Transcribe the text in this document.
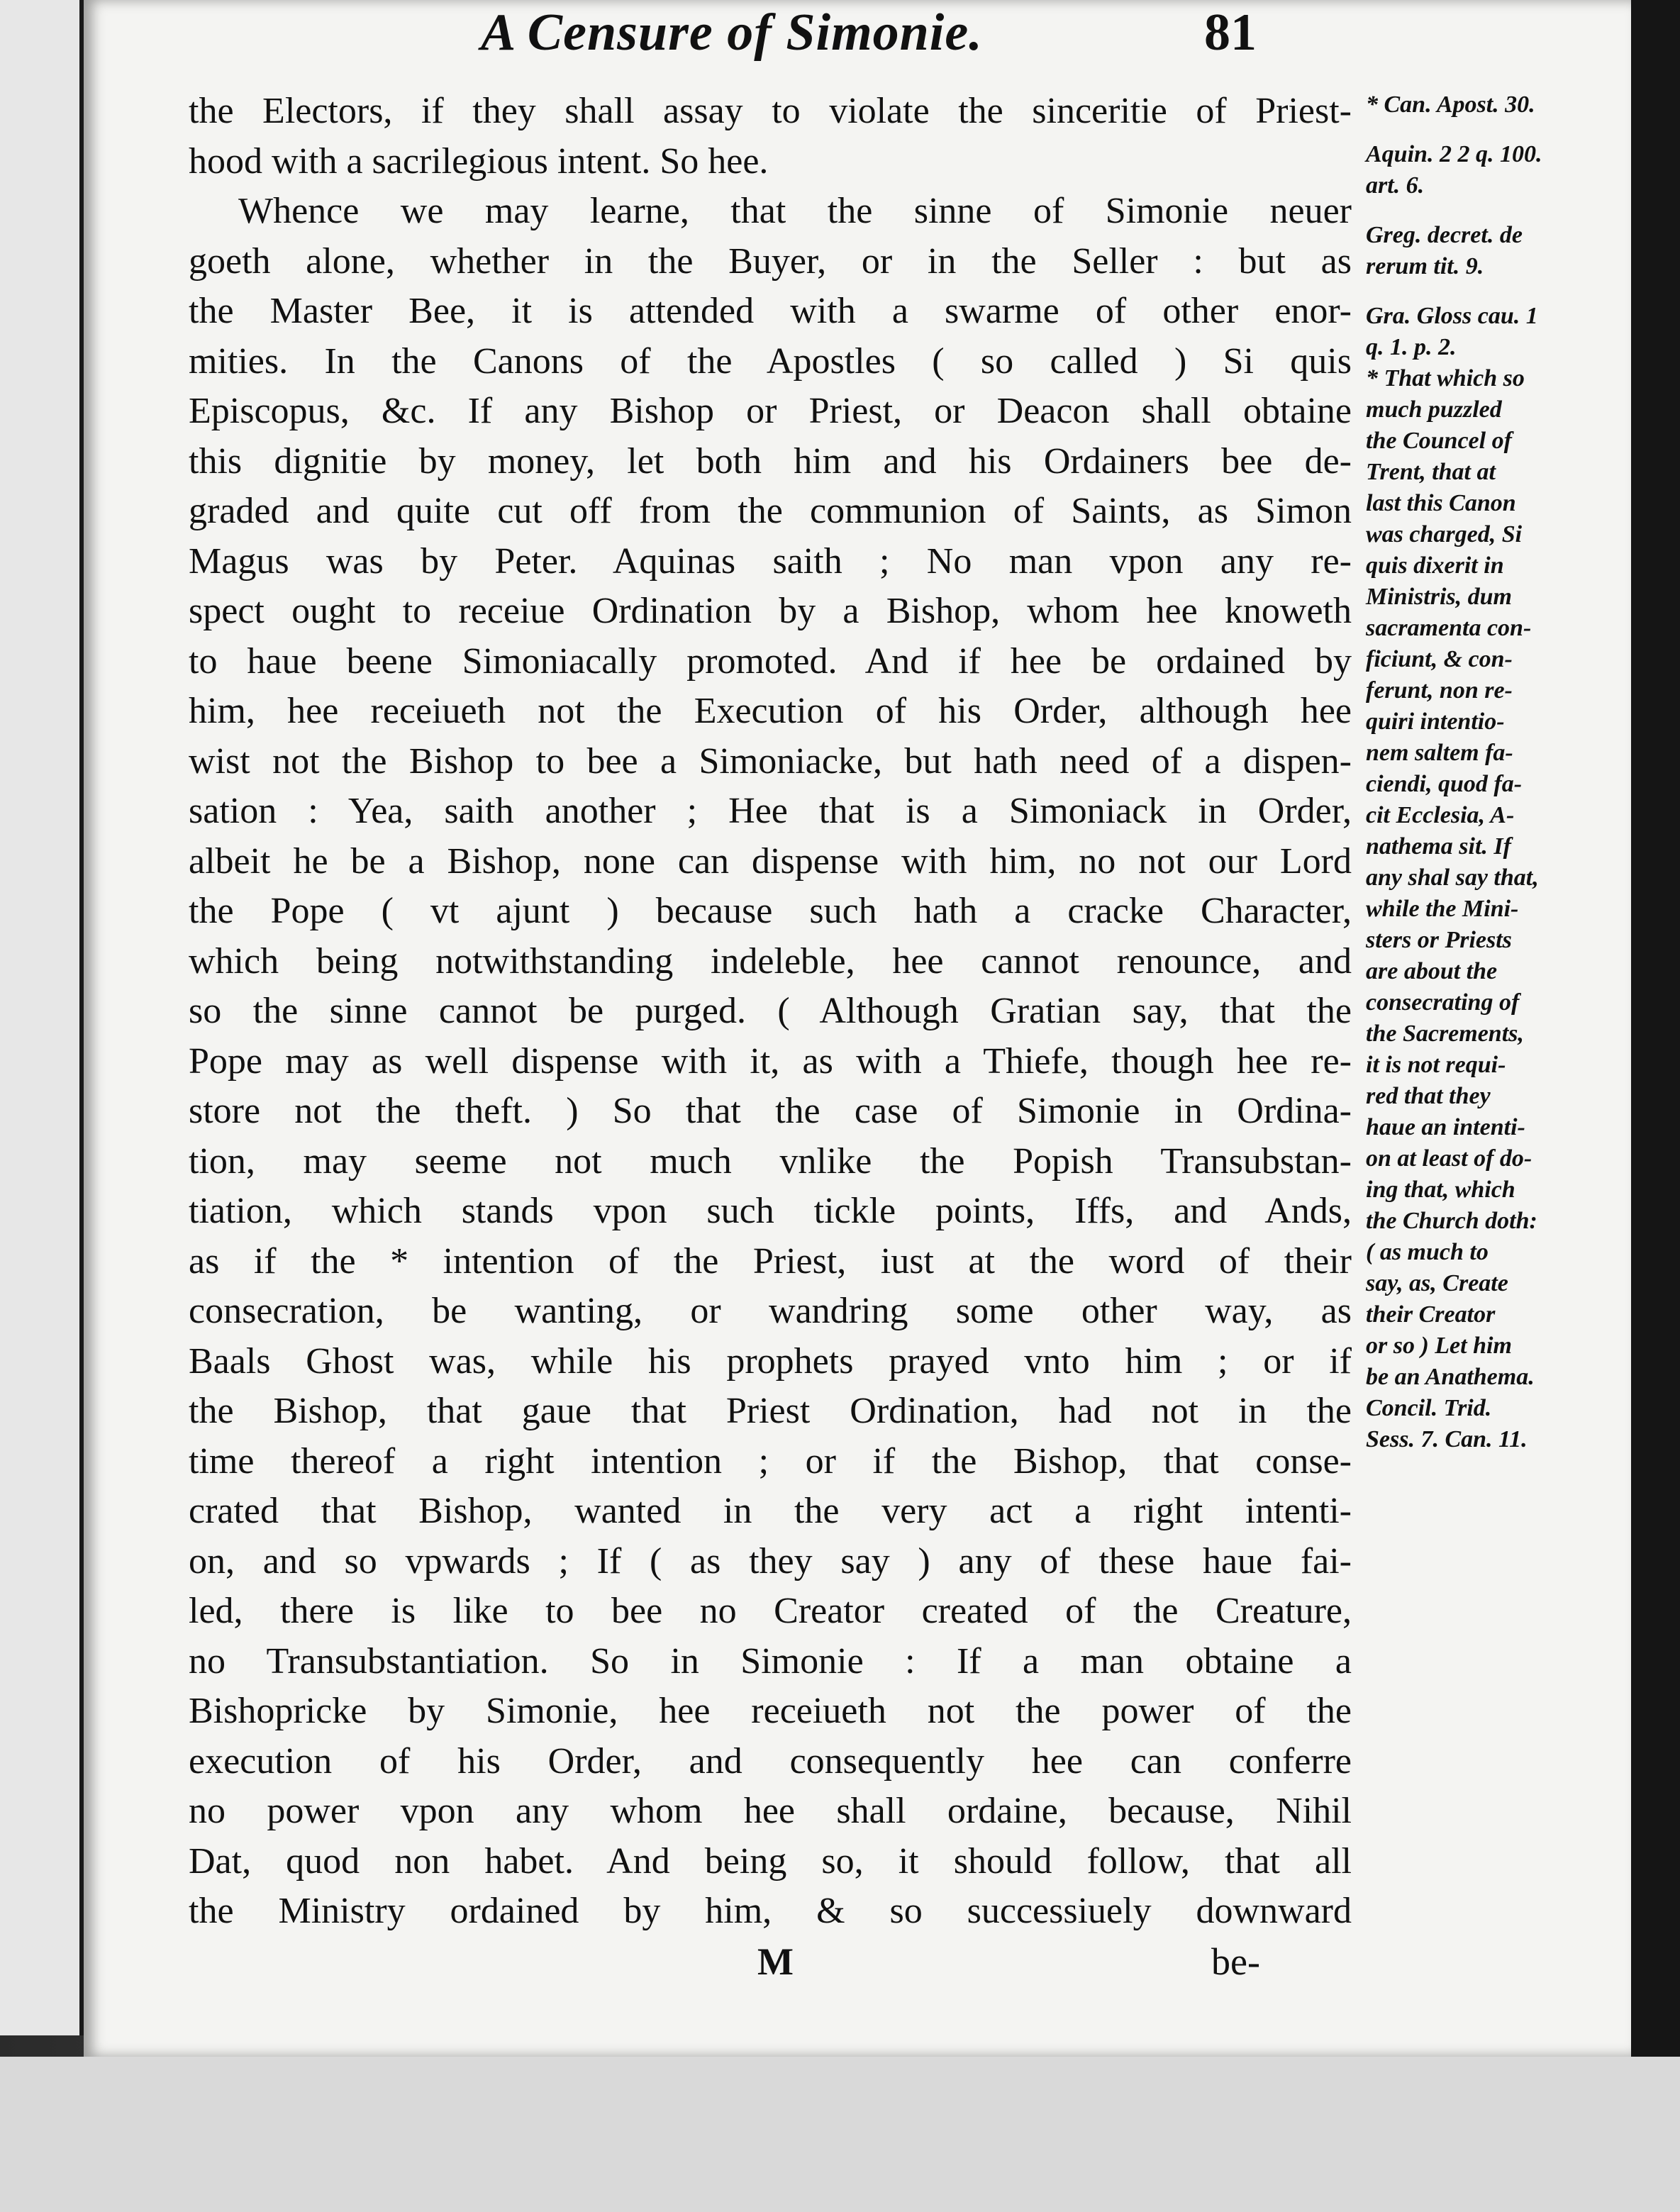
A Censure of Simonie.	81
the Electors, if they shall assay to violate the sinceritie of Priest-
hood with a sacrilegious intent. So hee.
Whence we may learne, that the sinne of Simonie neuer
goeth alone, whether in the Buyer, or in the Seller : but as
the Master Bee, it is attended with a swarme of other enor-
mities. In the Canons of the Apostles ( so called ) Si quis
Episcopus, &c. If any Bishop or Priest, or Deacon shall obtaine
this dignitie by money, let both him and his Ordainers bee de-
graded and quite cut off from the communion of Saints, as Simon
Magus was by Peter. Aquinas saith ; No man vpon any re-
spect ought to receiue Ordination by a Bishop, whom hee knoweth
to haue beene Simoniacally promoted. And if hee be ordained by
him, hee receiueth not the Execution of his Order, although hee
wist not the Bishop to bee a Simoniacke, but hath need of a dispen-
sation : Yea, saith another ; Hee that is a Simoniack in Order,
albeit he be a Bishop, none can dispense with him, no not our Lord
the Pope ( vt ajunt ) because such hath a cracke Character,
which being notwithstanding indeleble, hee cannot renounce, and
so the sinne cannot be purged. ( Although Gratian say, that the
Pope may as well dispense with it, as with a Thiefe, though hee re-
store not the theft. ) So that the case of Simonie in Ordina-
tion, may seeme not much vnlike the Popish Transubstan-
tiation, which stands vpon such tickle points, Iffs, and Ands,
as if the * intention of the Priest, iust at the word of their
consecration, be wanting, or wandring some other way, as
Baals Ghost was, while his prophets prayed vnto him ; or if
the Bishop, that gaue that Priest Ordination, had not in the
time thereof a right intention ; or if the Bishop, that conse-
crated that Bishop, wanted in the very act a right intenti-
on, and so vpwards ; If ( as they say ) any of these haue fai-
led, there is like to bee no Creator created of the Creature,
no Transubstantiation. So in Simonie : If a man obtaine a
Bishopricke by Simonie, hee receiueth not the power of the
execution of his Order, and consequently hee can conferre
no power vpon any whom hee shall ordaine, because, Nihil
Dat, quod non habet. And being so, it should follow, that all
the Ministry ordained by him, & so successiuely downward
* Can. Apost. 30.
Aquin. 2 2 q. 100.
art. 6.
Greg. decret. de
rerum tit. 9.
Gra. Gloss cau. 1
q. 1. p. 2.
* That which so
much puzzled
the Councel of
Trent, that at
last this Canon
was charged, Si
quis dixerit in
Ministris, dum
sacramenta con-
ficiunt, & con-
ferunt, non re-
quiri intentio-
nem saltem fa-
ciendi, quod fa-
cit Ecclesia, A-
nathema sit. If
any shal say that,
while the Mini-
sters or Priests
are about the
consecrating of
the Sacrements,
it is not requi-
red that they
haue an intenti-
on at least of do-
ing that, which
the Church doth:
( as much to
say, as, Create
their Creator
or so ) Let him
be an Anathema.
Concil. Trid.
Sess. 7. Can. 11.
M	be-
